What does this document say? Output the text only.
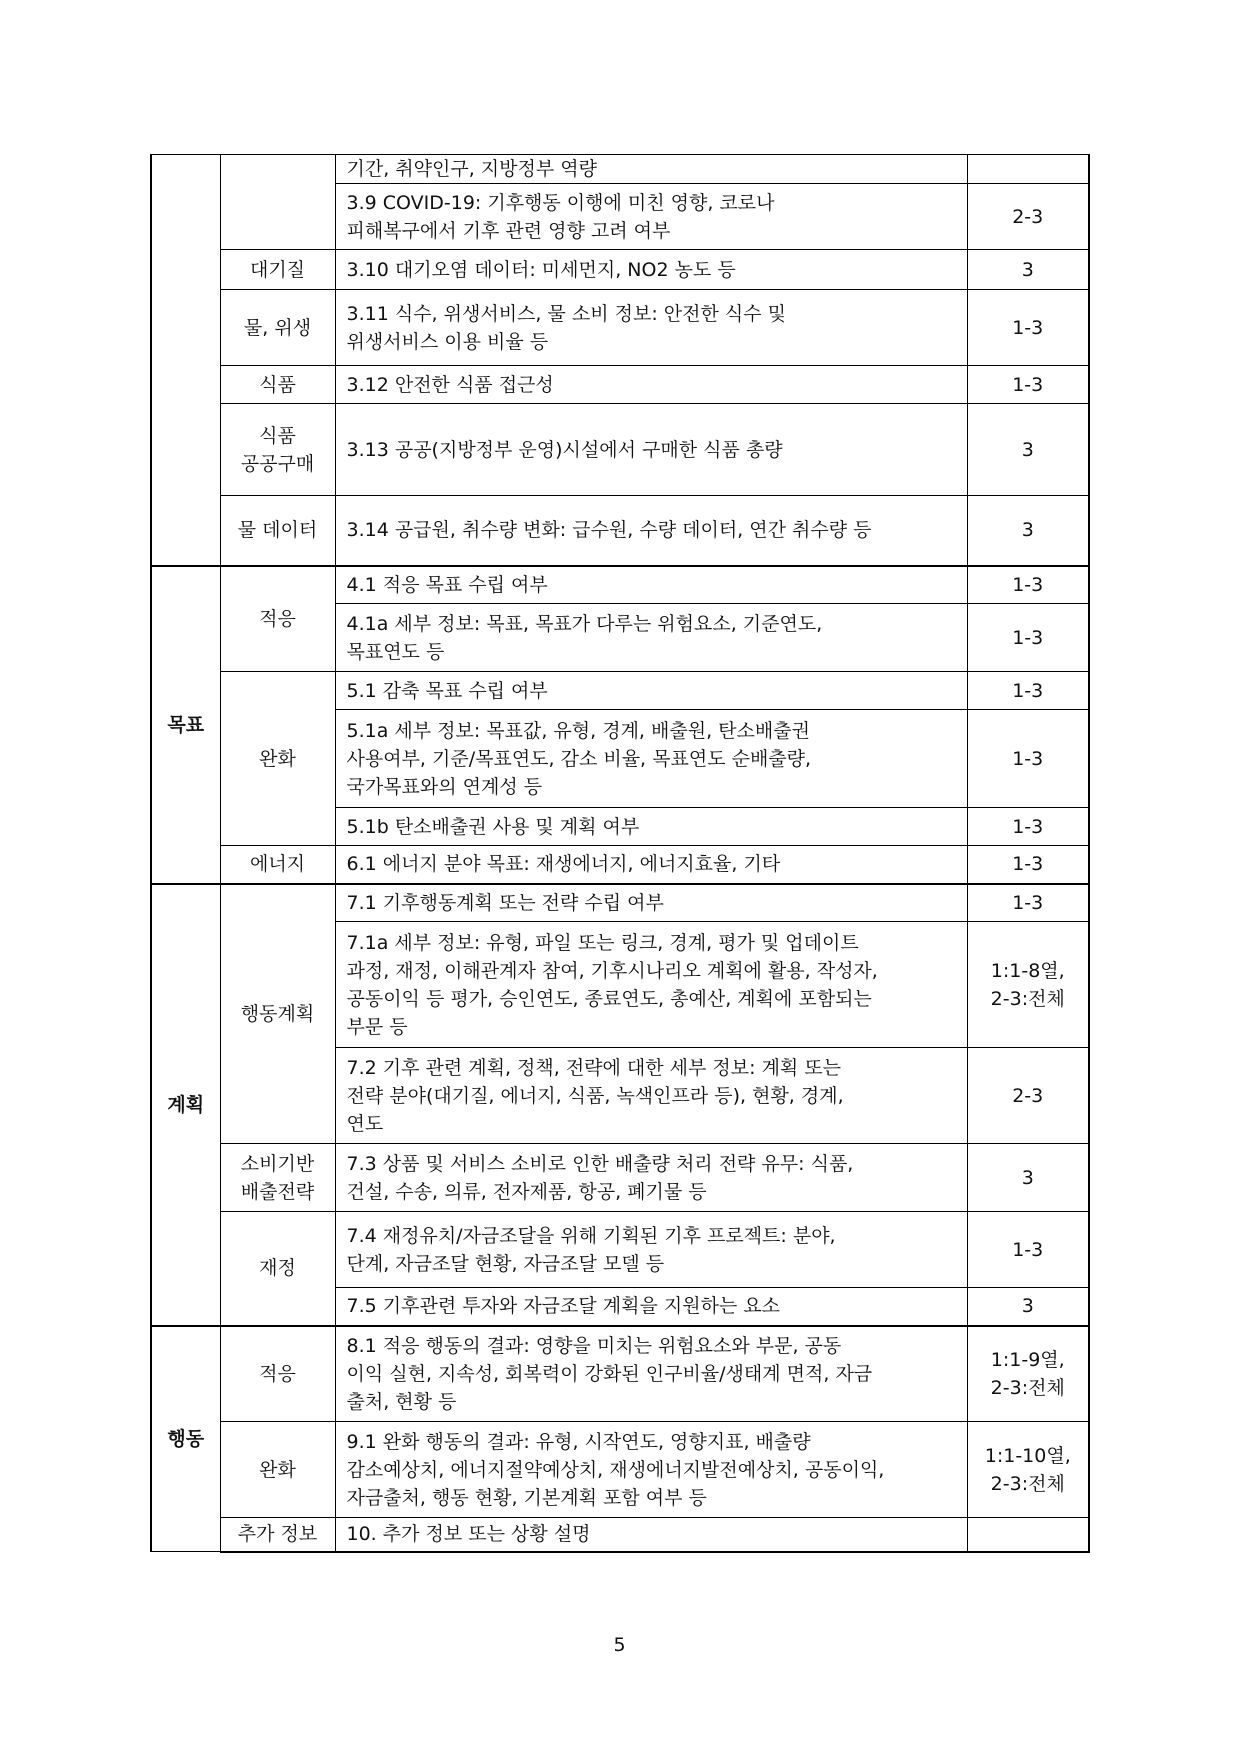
		기간, 취약인구, 지방정부 역량	
		3.9 COVID-19: 기후행동 이행에 미친 영향, 코로나
피해복구에서 기후 관련 영향 고려 여부	2-3
	대기질	3.10 대기오염 데이터: 미세먼지, NO2 농도 등	3
	물, 위생	3.11 식수, 위생서비스, 물 소비 정보: 안전한 식수 및
위생서비스 이용 비율 등	1-3
	식품	3.12 안전한 식품 접근성	1-3
	식품
공공구매	3.13 공공(지방정부 운영)시설에서 구매한 식품 총량	3
	물 데이터	3.14 공급원, 취수량 변화: 급수원, 수량 데이터, 연간 취수량 등	3
목표	적응	4.1 적응 목표 수립 여부	1-3
		4.1a 세부 정보: 목표, 목표가 다루는 위험요소, 기준연도,
목표연도 등	1-3
	완화	5.1 감축 목표 수립 여부	1-3
		5.1a 세부 정보: 목표값, 유형, 경계, 배출원, 탄소배출권
사용여부, 기준/목표연도, 감소 비율, 목표연도 순배출량,
국가목표와의 연계성 등	1-3
		5.1b 탄소배출권 사용 및 계획 여부	1-3
	에너지	6.1 에너지 분야 목표: 재생에너지, 에너지효율, 기타	1-3
계획	행동계획	7.1 기후행동계획 또는 전략 수립 여부	1-3
		7.1a 세부 정보: 유형, 파일 또는 링크, 경계, 평가 및 업데이트
과정, 재정, 이해관계자 참여, 기후시나리오 계획에 활용, 작성자,
공동이익 등 평가, 승인연도, 종료연도, 총예산, 계획에 포함되는
부문 등	1:1-8열,
2-3:전체
		7.2 기후 관련 계획, 정책, 전략에 대한 세부 정보: 계획 또는
전략 분야(대기질, 에너지, 식품, 녹색인프라 등), 현황, 경계,
연도	2-3
	소비기반
배출전략	7.3 상품 및 서비스 소비로 인한 배출량 처리 전략 유무: 식품,
건설, 수송, 의류, 전자제품, 항공, 폐기물 등	3
	재정	7.4 재정유치/자금조달을 위해 기획된 기후 프로젝트: 분야,
단계, 자금조달 현황, 자금조달 모델 등	1-3
		7.5 기후관련 투자와 자금조달 계획을 지원하는 요소	3
행동	적응	8.1 적응 행동의 결과: 영향을 미치는 위험요소와 부문, 공동
이익 실현, 지속성, 회복력이 강화된 인구비율/생태계 면적, 자금
출처, 현황 등	1:1-9열,
2-3:전체
	완화	9.1 완화 행동의 결과: 유형, 시작연도, 영향지표, 배출량
감소예상치, 에너지절약예상치, 재생에너지발전예상치, 공동이익,
자금출처, 행동 현황, 기본계획 포함 여부 등	1:1-10열,
2-3:전체
	추가 정보	10. 추가 정보 또는 상황 설명	
5
